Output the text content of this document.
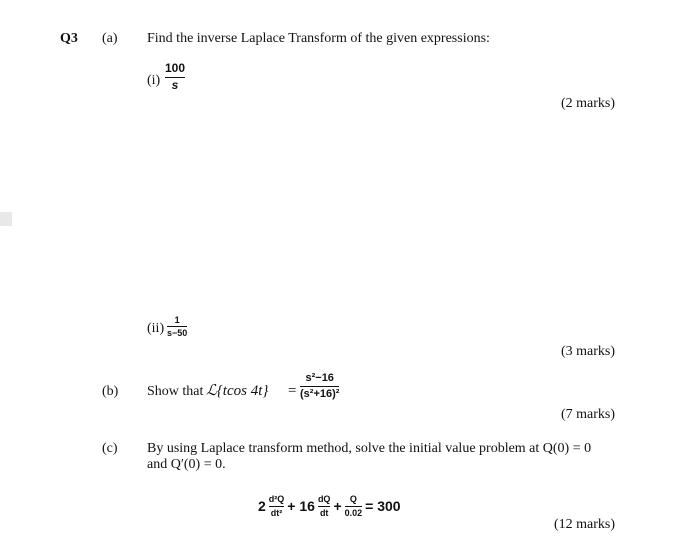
Q3 (a) Find the inverse Laplace Transform of the given expressions:
$(i) \frac{100}{s}$
(2 marks)
$(ii) \frac{1}{s-50}$
(3 marks)
(b) Show that ℒ{tcos $4t\} = \frac{\text{s²−16}}{\text{(s²+16)²}}$
(7 marks)
(c) By using Laplace transform method, solve the initial value problem at Q(0) = 0
and Q′(0) = 0.
$2 \frac{\text{d²Q}}{\text{dt²}} + 16 \frac{dQ}{dt} + \frac{Q}{0.02} = 300$
(12 marks)
